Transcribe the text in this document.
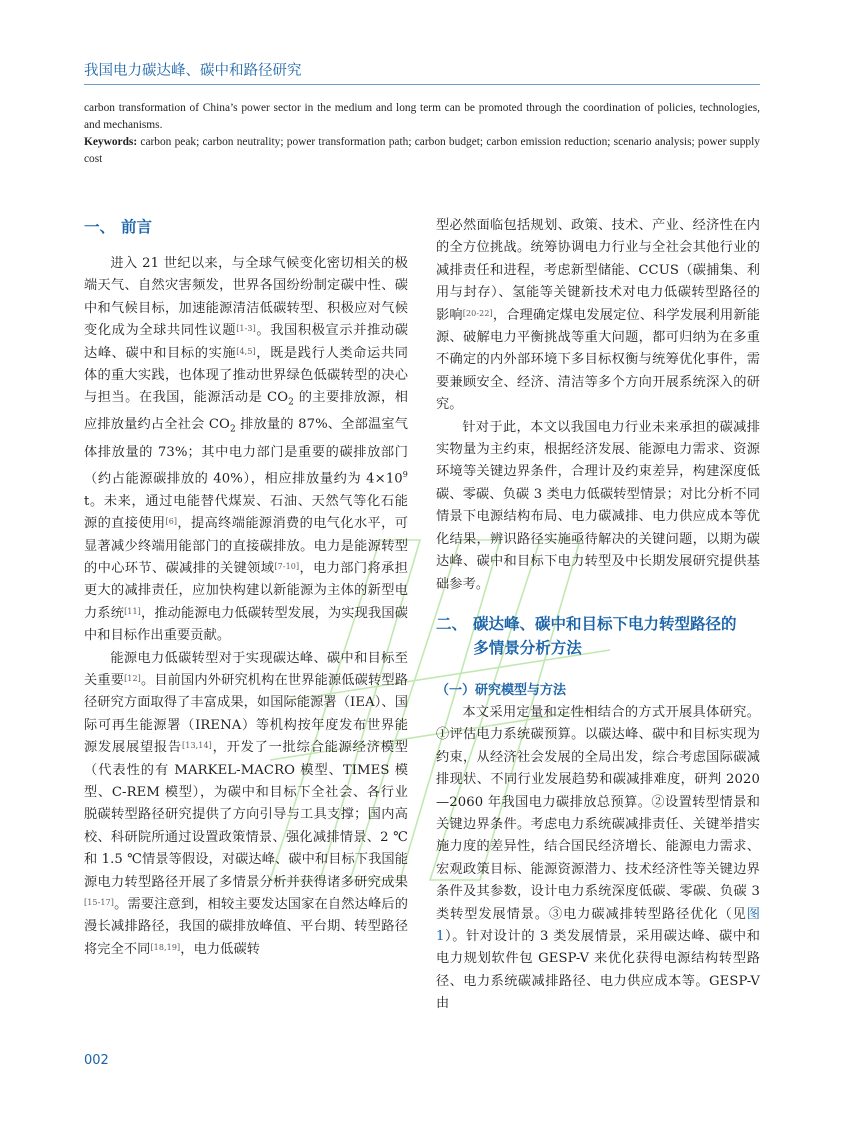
我国电力碳达峰、碳中和路径研究

carbon transformation of China’s power sector in the medium and long term can be promoted through the coordination of policies, technologies, and mechanisms.

Keywords: carbon peak; carbon neutrality; power transformation path; carbon budget; carbon emission reduction; scenario analysis; power supply cost

一、 前言

进入 21 世纪以来，与全球气候变化密切相关的极端天气、自然灾害频发，世界各国纷纷制定碳中性、碳中和气候目标，加速能源清洁低碳转型、积极应对气候变化成为全球共同性议题[1-3]。我国积极宣示并推动碳达峰、碳中和目标的实施[4,5]，既是践行人类命运共同体的重大实践，也体现了推动世界绿色低碳转型的决心与担当。在我国，能源活动是 $CO_2$ 的主要排放源，相应排放量约占全社会 $CO_2$ 排放量的 87%、全部温室气体排放量的 73%；其中电力部门是重要的碳排放部门（约占能源碳排放的 40%），相应排放量约为 $4\times 10^9$ t。未来，通过电能替代煤炭、石油、天然气等化石能源的直接使用[6]，提高终端能源消费的电气化水平，可显著减少终端用能部门的直接碳排放。电力是能源转型的中心环节、碳减排的关键领域[7-10]，电力部门将承担更大的减排责任，应加快构建以新能源为主体的新型电力系统[11]，推动能源电力低碳转型发展，为实现我国碳中和目标作出重要贡献。

能源电力低碳转型对于实现碳达峰、碳中和目标至关重要[12]。目前国内外研究机构在世界能源低碳转型路径研究方面取得了丰富成果，如国际能源署（IEA）、国际可再生能源署（IRENA）等机构按年度发布世界能源发展展望报告[13,14]，开发了一批综合能源经济模型（代表性的有 MARKEL-MACRO 模型、TIMES 模型、C-REM 模型），为碳中和目标下全社会、各行业脱碳转型路径研究提供了方向引导与工具支撑；国内高校、科研院所通过设置政策情景、强化减排情景、2 ℃和 1.5 ℃情景等假设，对碳达峰、碳中和目标下我国能源电力转型路径开展了多情景分析并获得诸多研究成果[15-17]。需要注意到，相较主要发达国家在自然达峰后的漫长减排路径，我国的碳排放峰值、平台期、转型路径将完全不同[18,19]，电力低碳转

型必然面临包括规划、政策、技术、产业、经济性在内的全方位挑战。统筹协调电力行业与全社会其他行业的减排责任和进程，考虑新型储能、CCUS（碳捕集、利用与封存）、氢能等关键新技术对电力低碳转型路径的影响[20-22]，合理确定煤电发展定位、科学发展利用新能源、破解电力平衡挑战等重大问题，都可归纳为在多重不确定的内外部环境下多目标权衡与统筹优化事件，需要兼顾安全、经济、清洁等多个方向开展系统深入的研究。

针对于此，本文以我国电力行业未来承担的碳减排实物量为主约束，根据经济发展、能源电力需求、资源环境等关键边界条件，合理计及约束差异，构建深度低碳、零碳、负碳 3 类电力低碳转型情景；对比分析不同情景下电源结构布局、电力碳减排、电力供应成本等优化结果，辨识路径实施亟待解决的关键问题，以期为碳达峰、碳中和目标下电力转型及中长期发展研究提供基础参考。

二、 碳达峰、碳中和目标下电力转型路径的
多情景分析方法
（一）研究模型与方法

本文采用定量和定性相结合的方式开展具体研究。①评估电力系统碳预算。以碳达峰、碳中和目标实现为约束，从经济社会发展的全局出发，综合考虑国际碳减排现状、不同行业发展趋势和碳减排难度，研判 2020—2060 年我国电力碳排放总预算。②设置转型情景和关键边界条件。考虑电力系统碳减排责任、关键举措实施力度的差异性，结合国民经济增长、能源电力需求、宏观政策目标、能源资源潜力、技术经济性等关键边界条件及其参数，设计电力系统深度低碳、零碳、负碳 3 类转型发展情景。③电力碳减排转型路径优化（见图 1）。针对设计的 3 类发展情景，采用碳达峰、碳中和电力规划软件包 GESP-V 来优化获得电源结构转型路径、电力系统碳减排路径、电力供应成本等。GESP-V 由

002
